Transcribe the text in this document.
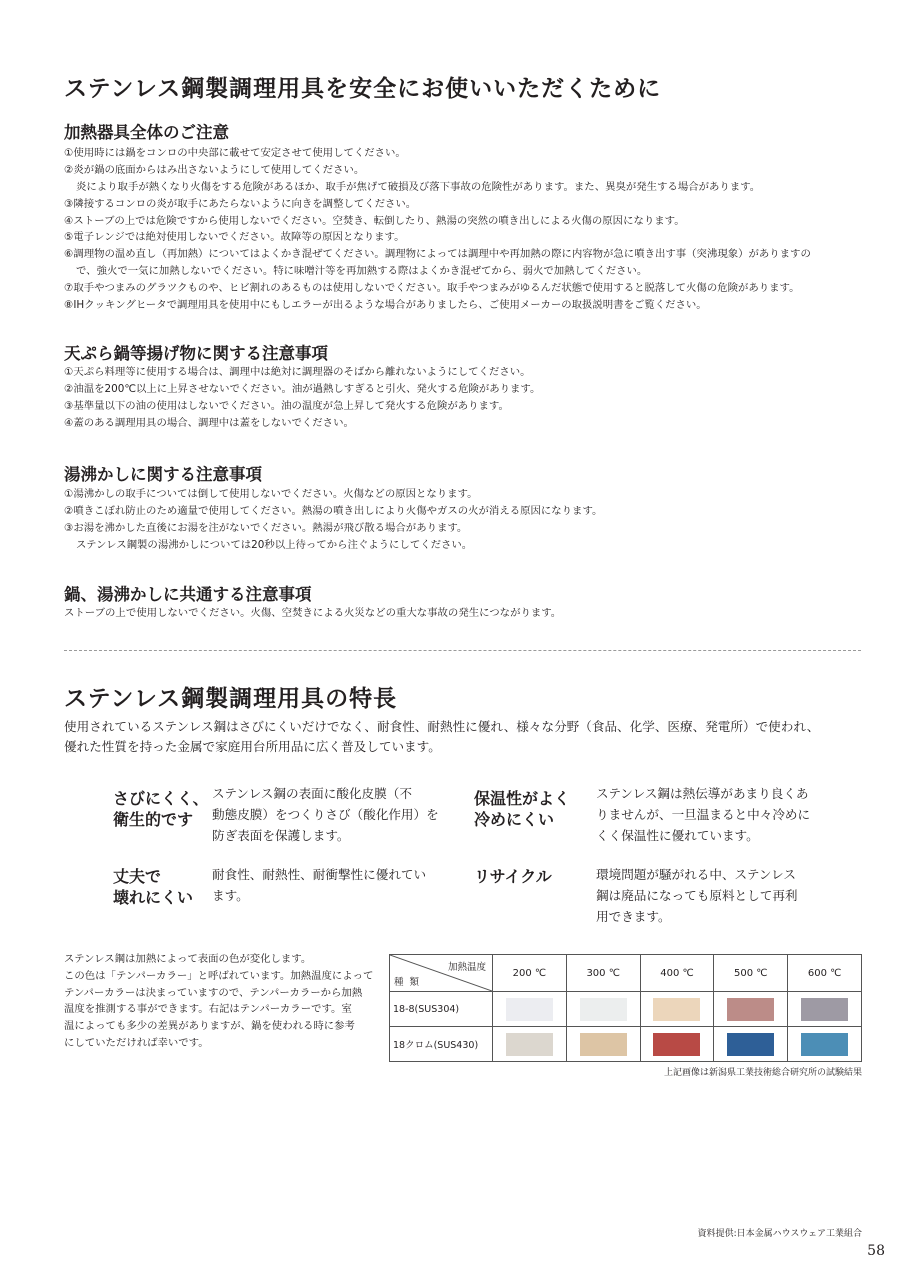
ステンレス鋼製調理用具を安全にお使いいただくために
加熱器具全体のご注意
①使用時には鍋をコンロの中央部に載せて安定させて使用してください。
②炎が鍋の底面からはみ出さないようにして使用してください。
炎により取手が熱くなり火傷をする危険があるほか、取手が焦げて破損及び落下事故の危険性があります。また、異臭が発生する場合があります。
③隣接するコンロの炎が取手にあたらないように向きを調整してください。
④ストーブの上では危険ですから使用しないでください。空焚き、転倒したり、熱湯の突然の噴き出しによる火傷の原因になります。
⑤電子レンジでは絶対使用しないでください。故障等の原因となります。
⑥調理物の温め直し（再加熱）についてはよくかき混ぜてください。調理物によっては調理中や再加熱の際に内容物が急に噴き出す事（突沸現象）がありますの
で、強火で一気に加熱しないでください。特に味噌汁等を再加熱する際はよくかき混ぜてから、弱火で加熱してください。
⑦取手やつまみのグラツクものや、ヒビ割れのあるものは使用しないでください。取手やつまみがゆるんだ状態で使用すると脱落して火傷の危険があります。
⑧IHクッキングヒータで調理用具を使用中にもしエラーが出るような場合がありましたら、ご使用メーカーの取扱説明書をご覧ください。
天ぷら鍋等揚げ物に関する注意事項
①天ぷら料理等に使用する場合は、調理中は絶対に調理器のそばから離れないようにしてください。
②油温を200℃以上に上昇させないでください。油が過熱しすぎると引火、発火する危険があります。
③基準量以下の油の使用はしないでください。油の温度が急上昇して発火する危険があります。
④蓋のある調理用具の場合、調理中は蓋をしないでください。
湯沸かしに関する注意事項
①湯沸かしの取手については倒して使用しないでください。火傷などの原因となります。
②噴きこぼれ防止のため適量で使用してください。熱湯の噴き出しにより火傷やガスの火が消える原因になります。
③お湯を沸かした直後にお湯を注がないでください。熱湯が飛び散る場合があります。
ステンレス鋼製の湯沸かしについては20秒以上待ってから注ぐようにしてください。
鍋、湯沸かしに共通する注意事項
ストーブの上で使用しないでください。火傷、空焚きによる火災などの重大な事故の発生につながります。
ステンレス鋼製調理用具の特長
使用されているステンレス鋼はさびにくいだけでなく、耐食性、耐熱性に優れ、様々な分野（食品、化学、医療、発電所）で使われ、
優れた性質を持った金属で家庭用台所用品に広く普及しています。
さびにくく、
衛生的です
ステンレス鋼の表面に酸化皮膜（不
動態皮膜）をつくりさび（酸化作用）を
防ぎ表面を保護します。
保温性がよく
冷めにくい
ステンレス鋼は熱伝導があまり良くあ
りませんが、一旦温まると中々冷めに
くく保温性に優れています。
丈夫で
壊れにくい
耐食性、耐熱性、耐衝撃性に優れてい
ます。
リサイクル	環境問題が騒がれる中、ステンレス
鋼は廃品になっても原料として再利
用できます。
ステンレス鋼は加熱によって表面の色が変化します。
この色は「テンパーカラー」と呼ばれています。加熱温度によって
テンパーカラーは決まっていますので、テンパーカラーから加熱
温度を推測する事ができます。右記はテンパーカラーです。室
温によっても多少の差異がありますが、鍋を使われる時に参考
にしていただければ幸いです。
加熱温度
種類	200 ℃	300 ℃	400 ℃	500 ℃	600 ℃
18-8(SUS304)					
18クロム(SUS430)					
上記画像は新潟県工業技術総合研究所の試験結果
資料提供:日本金属ハウスウェア工業組合
58
